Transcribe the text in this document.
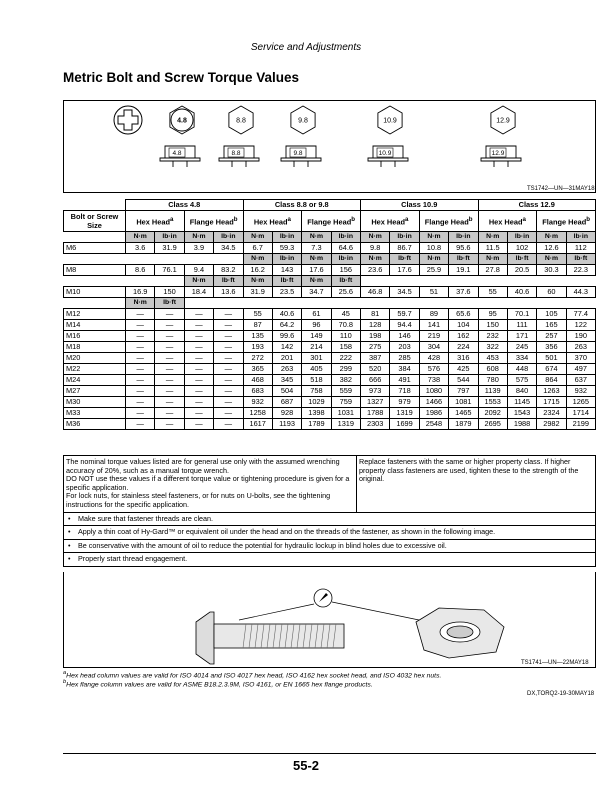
Service and Adjustments
Metric Bolt and Screw Torque Values
4.8	8.8	9.8	10.9	12.9
4.8	8.8	9.8	10.9	12.9
TS1742—UN—31MAY18
	Class 4.8				Class 8.8 or 9.8				Class 10.9				Class 12.9			
Bolt or Screw Size	Hex Head$^a$		Flange Head$^b$		Hex Head$^a$		Flange Head$^b$		Hex Head$^a$		Flange Head$^b$		Hex Head$^a$		Flange Head$^b$
	N·m	lb·in	N·m	lb·in	N·m	lb·in	N·m	lb·in	N·m	lb·in	N·m	lb·in	N·m	lb·in	N·m	lb·in
M6	3.6	31.9	3.9	34.5	6.7	59.3	7.3	64.6	9.8	86.7	10.8	95.6	11.5	102	12.6	112
					N·m	lb·in	N·m	lb·in	N·m	lb·ft	N·m	lb·ft	N·m	lb·ft	N·m	lb·ft
M8	8.6	76.1	9.4	83.2	16.2	143	17.6	156	23.6	17.6	25.9	19.1	27.8	20.5	30.3	22.3
			N·m	lb·ft	N·m	lb·ft	N·m	lb·ft								
M10	16.9	150	18.4	13.6	31.9	23.5	34.7	25.6	46.8	34.5	51	37.6	55	40.6	60	44.3
	N·m	lb·ft														
M12	—	—	—	—	55	40.6	61	45	81	59.7	89	65.6	95	70.1	105	77.4
M14	—	—	—	—	87	64.2	96	70.8	128	94.4	141	104	150	111	165	122
M16	—	—	—	—	135	99.6	149	110	198	146	219	162	232	171	257	190
M18	—	—	—	—	193	142	214	158	275	203	304	224	322	245	356	263
M20	—	—	—	—	272	201	301	222	387	285	428	316	453	334	501	370
M22	—	—	—	—	365	263	405	299	520	384	576	425	608	448	674	497
M24	—	—	—	—	468	345	518	382	666	491	738	544	780	575	864	637
M27	—	—	—	—	683	504	758	559	973	718	1080	797	1139	840	1263	932
M30	—	—	—	—	932	687	1029	759	1327	979	1466	1081	1553	1145	1715	1265
M33	—	—	—	—	1258	928	1398	1031	1788	1319	1986	1465	2092	1543	2324	1714
M36	—	—	—	—	1617	1193	1789	1319	2303	1699	2548	1879	2695	1988	2982	2199
The nominal torque values listed are for general use only with the assumed wrenching accuracy of 20%, such as a manual torque wrench.
DO NOT use these values if a different torque value or tightening procedure is given for a specific application.
For lock nuts, for stainless steel fasteners, or for nuts on U-bolts, see the tightening instructions for the specific application.
Replace fasteners with the same or higher property class. If higher property class fasteners are used, tighten these to the strength of the original.
• Make sure that fastener threads are clean.
• Apply a thin coat of Hy-Gard™ or equivalent oil under the head and on the threads of the fastener, as shown in the following image.
• Be conservative with the amount of oil to reduce the potential for hydraulic lockup in blind holes due to excessive oil.
• Properly start thread engagement.
TS1741—UN—22MAY18
$^a$Hex head column values are valid for ISO 4014 and ISO 4017 hex head, ISO 4162 hex socket head, and ISO 4032 hex nuts.
$^b$Hex flange column values are valid for ASME B18.2.3.9M, ISO 4161, or EN 1665 hex flange products.
DX,TORQ2-19-30MAY18
55-2
